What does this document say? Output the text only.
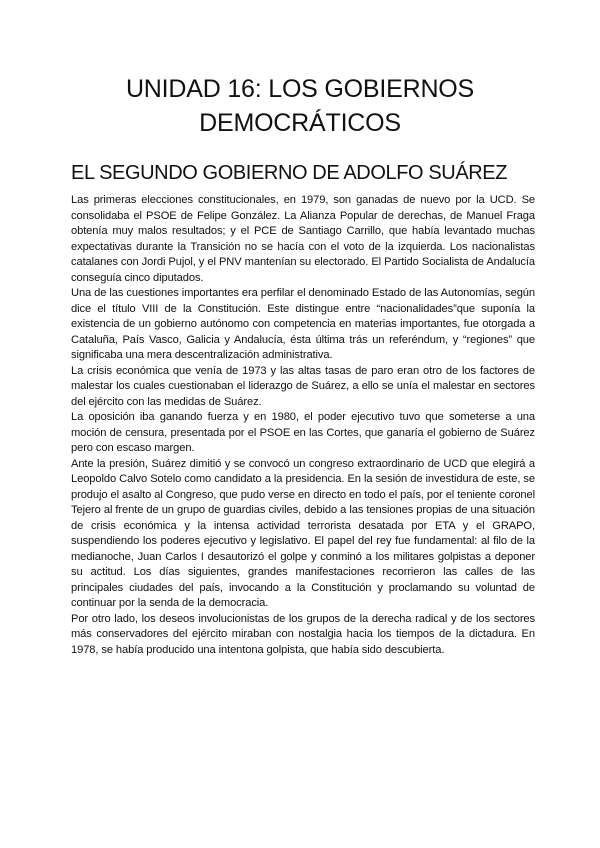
UNIDAD 16: LOS GOBIERNOS
DEMOCRÁTICOS
EL SEGUNDO GOBIERNO DE ADOLFO SUÁREZ

Las primeras elecciones constitucionales, en 1979, son ganadas de nuevo por la UCD. Se consolidaba el PSOE de Felipe González. La Alianza Popular de derechas, de Manuel Fraga obtenía muy malos resultados; y el PCE de Santiago Carrillo, que había levantado muchas expectativas durante la Transición no se hacía con el voto de la izquierda. Los nacionalistas catalanes con Jordi Pujol, y el PNV mantenían su electorado. El Partido Socialista de Andalucía conseguía cinco diputados.

Una de las cuestiones importantes era perfilar el denominado Estado de las Autonomías, según dice el título VIII de la Constitución. Este distingue entre “nacionalidades”que suponía la existencia de un gobierno autónomo con competencia en materias importantes, fue otorgada a Cataluña, País Vasco, Galicia y Andalucía, ésta última trás un referéndum, y “regiones” que significaba una mera descentralización administrativa.

La crisis económica que venía de 1973 y las altas tasas de paro eran otro de los factores de malestar los cuales cuestionaban el liderazgo de Suárez, a ello se unía el malestar en sectores del ejército con las medidas de Suárez.

La oposición iba ganando fuerza y en 1980, el poder ejecutivo tuvo que someterse a una moción de censura, presentada por el PSOE en las Cortes, que ganaría el gobierno de Suárez pero con escaso margen.

Ante la presión, Suárez dimitió y se convocó un congreso extraordinario de UCD que elegirá a Leopoldo Calvo Sotelo como candidato a la presidencia. En la sesión de investidura de este, se produjo el asalto al Congreso, que pudo verse en directo en todo el país, por el teniente coronel Tejero al frente de un grupo de guardias civiles, debido a las tensiones propias de una situación de crisis económica y la intensa actividad terrorista desatada por ETA y el GRAPO, suspendiendo los poderes ejecutivo y legislativo. El papel del rey fue fundamental: al filo de la medianoche, Juan Carlos I desautorizó el golpe y conminó a los militares golpistas a deponer su actitud. Los días siguientes, grandes manifestaciones recorrieron las calles de las principales ciudades del país, invocando a la Constitución y proclamando su voluntad de continuar por la senda de la democracia.

Por otro lado, los deseos involucionistas de los grupos de la derecha radical y de los sectores más conservadores del ejército miraban con nostalgia hacia los tiempos de la dictadura. En 1978, se había producido una intentona golpista, que había sido descubierta.
